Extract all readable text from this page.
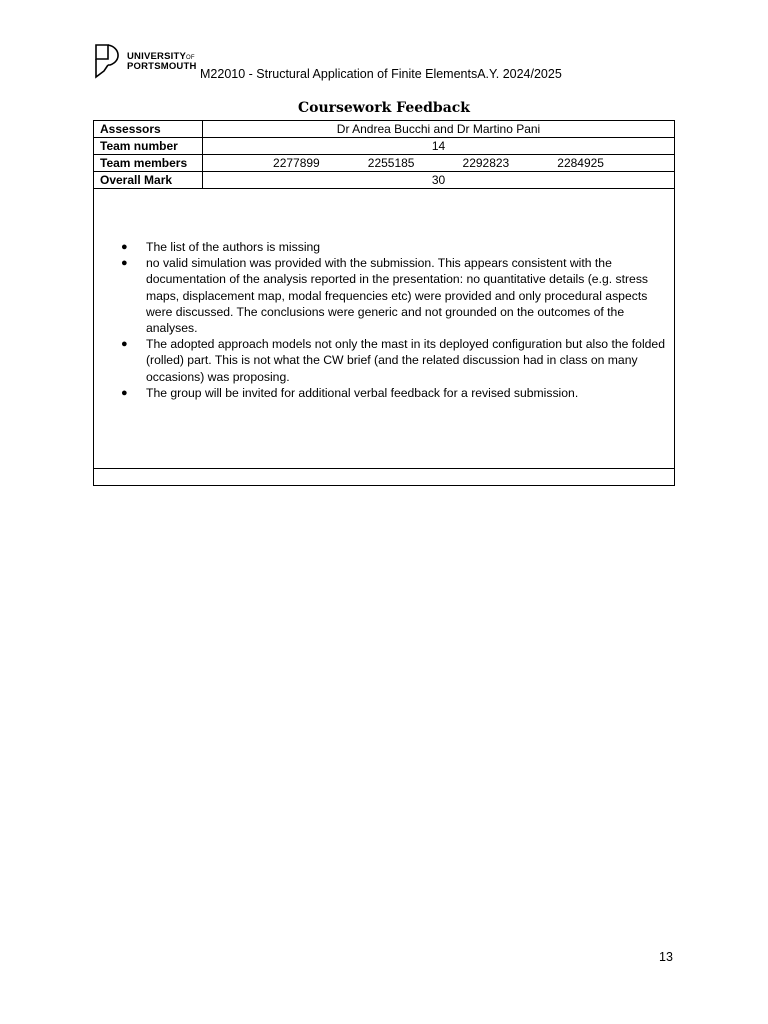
UNIVERSITYOF
PORTSMOUTH
M22010 - Structural Application of Finite ElementsA.Y. 2024/2025
Coursework Feedback
Assessors	Dr Andrea Bucchi and Dr Martino Pani
Team number	14
Team members	2277899 2255185 2292823 2284925

Overall Mark	30
● The list of the authors is missing
● no valid simulation was provided with the submission. This appears consistent with the documentation of the analysis reported in the presentation: no quantitative details (e.g. stress maps, displacement map, modal frequencies etc) were provided and only procedural aspects were discussed. The conclusions were generic and not grounded on the outcomes of the analyses.
● The adopted approach models not only the mast in its deployed configuration but also the folded (rolled) part. This is not what the CW brief (and the related discussion had in class on many occasions) was proposing.
● The group will be invited for additional verbal feedback for a revised submission.
13
